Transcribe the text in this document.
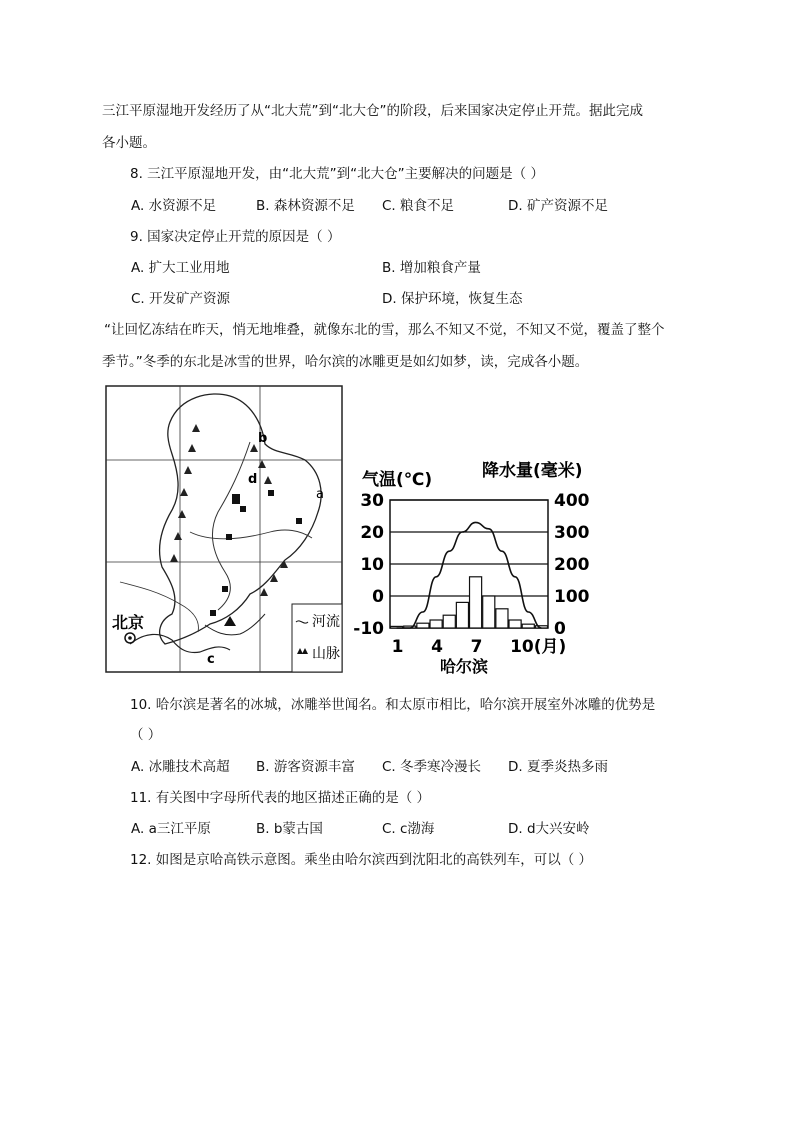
三江平原湿地开发经历了从“北大荒”到“北大仓”的阶段，后来国家决定停止开荒。据此完成
各小题。
8. 三江平原湿地开发，由“北大荒”到“北大仓”主要解决的问题是（ ）
A. 水资源不足	B. 森林资源不足 C. 粮食不足	D. 矿产资源不足
9. 国家决定停止开荒的原因是（ ）
A. 扩大工业用地	B. 增加粮食产量
C. 开发矿产资源	D. 保护环境，恢复生态
“让回忆冻结在昨天，悄无地堆叠，就像东北的雪，那么不知又不觉，不知又不觉，覆盖了整个
季节。”冬季的东北是冰雪的世界，哈尔滨的冰雕更是如幻如梦，读，完成各小题。
北京
b
d
a
c
河流
山脉
气温(℃)	降水量(毫米)
-10	0
0	100
10	200
20	300
30	400
1 4 7 10(月)
哈尔滨
10. 哈尔滨是著名的冰城，冰雕举世闻名。和太原市相比，哈尔滨开展室外冰雕的优势是
（ ）
A. 冰雕技术高超 B. 游客资源丰富 C. 冬季寒冷漫长 D. 夏季炎热多雨
11. 有关图中字母所代表的地区描述正确的是（ ）
A. a三江平原	B. b蒙古国	C. c渤海	D. d大兴安岭
12. 如图是京哈高铁示意图。乘坐由哈尔滨西到沈阳北的高铁列车，可以（ ）
